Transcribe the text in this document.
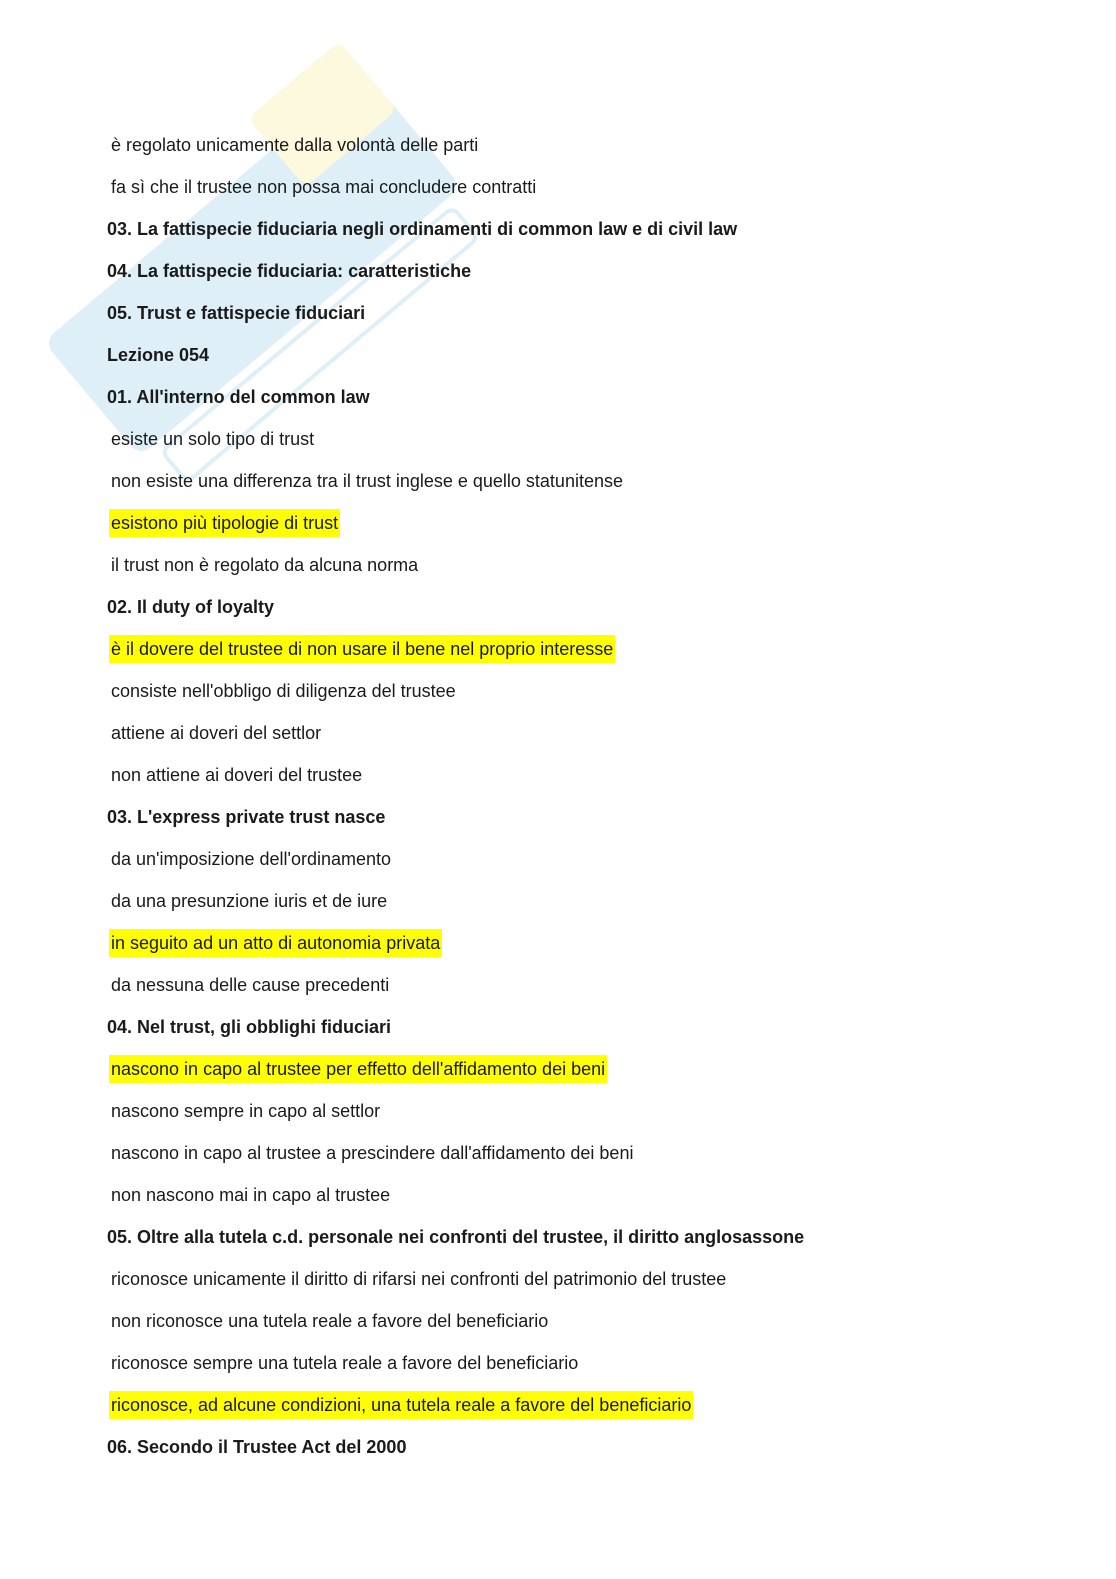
è regolato unicamente dalla volontà delle parti
fa sì che il trustee non possa mai concludere contratti
03. La fattispecie fiduciaria negli ordinamenti di common law e di civil law
04. La fattispecie fiduciaria: caratteristiche
05. Trust e fattispecie fiduciari
Lezione 054
01. All'interno del common law
esiste un solo tipo di trust
non esiste una differenza tra il trust inglese e quello statunitense
esistono più tipologie di trust
il trust non è regolato da alcuna norma
02. Il duty of loyalty
è il dovere del trustee di non usare il bene nel proprio interesse
consiste nell'obbligo di diligenza del trustee
attiene ai doveri del settlor
non attiene ai doveri del trustee
03. L'express private trust nasce
da un'imposizione dell'ordinamento
da una presunzione iuris et de iure
in seguito ad un atto di autonomia privata
da nessuna delle cause precedenti
04. Nel trust, gli obblighi fiduciari
nascono in capo al trustee per effetto dell'affidamento dei beni
nascono sempre in capo al settlor
nascono in capo al trustee a prescindere dall'affidamento dei beni
non nascono mai in capo al trustee
05. Oltre alla tutela c.d. personale nei confronti del trustee, il diritto anglosassone
riconosce unicamente il diritto di rifarsi nei confronti del patrimonio del trustee
non riconosce una tutela reale a favore del beneficiario
riconosce sempre una tutela reale a favore del beneficiario
riconosce, ad alcune condizioni, una tutela reale a favore del beneficiario
06. Secondo il Trustee Act del 2000
